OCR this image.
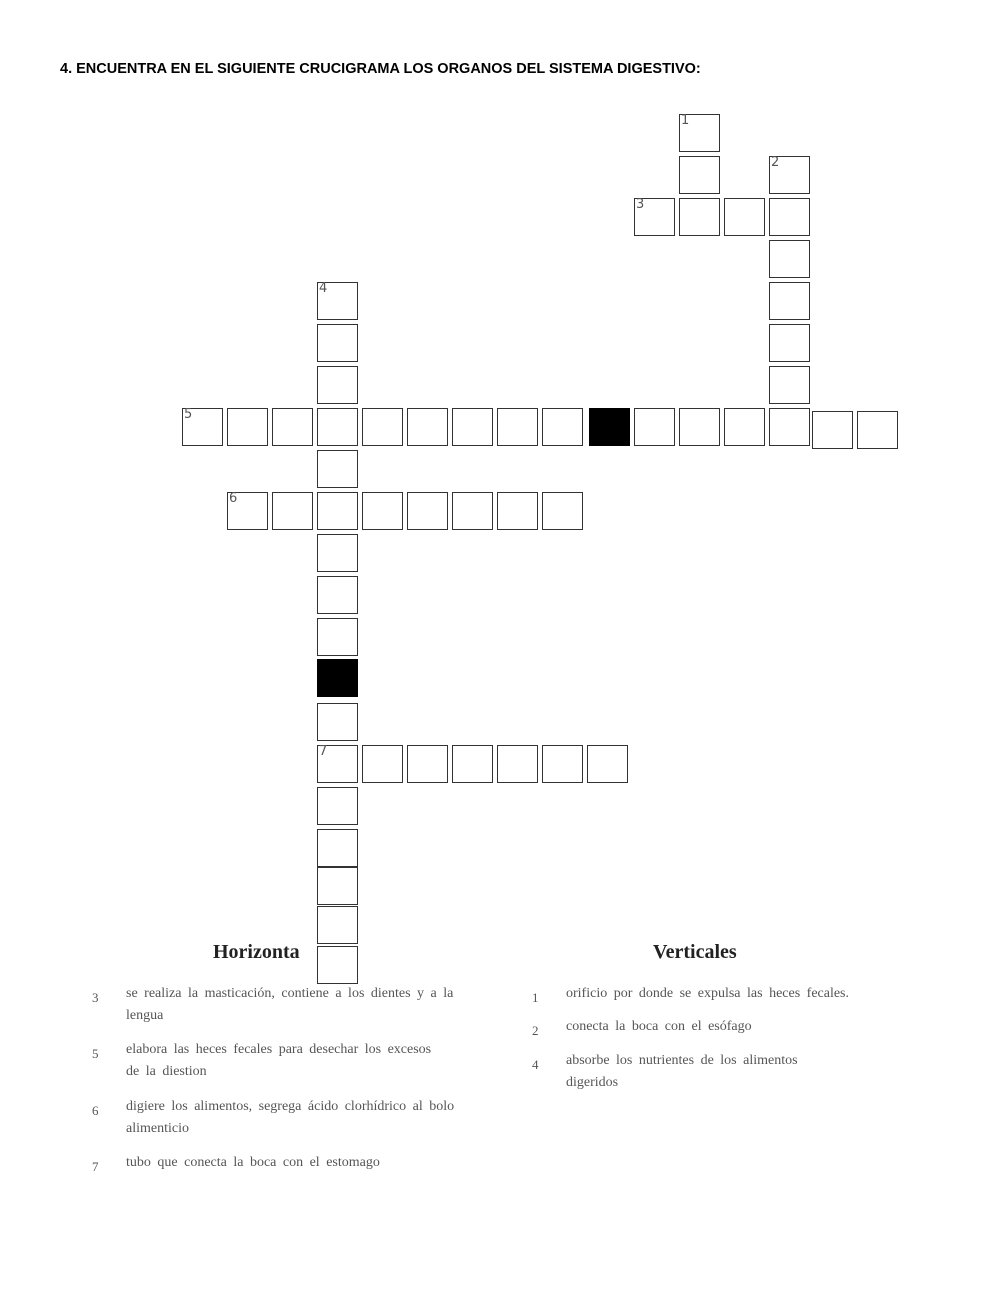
4. ENCUENTRA EN EL SIGUIENTE CRUCIGRAMA LOS ORGANOS DEL SISTEMA DIGESTIVO:
1
3
2
4
5
6
7
Horizonta
3 se realiza la masticación, contiene a los dientes y a la lengua
5 elabora las heces fecales para desechar los excesos de la diestion
6 digiere los alimentos, segrega ácido clorhídrico al bolo alimenticio
7 tubo que conecta la boca con el estomago
Verticales
1 orificio por donde se expulsa las heces fecales.
2 conecta la boca con el esófago
4 absorbe los nutrientes de los alimentos digeridos
